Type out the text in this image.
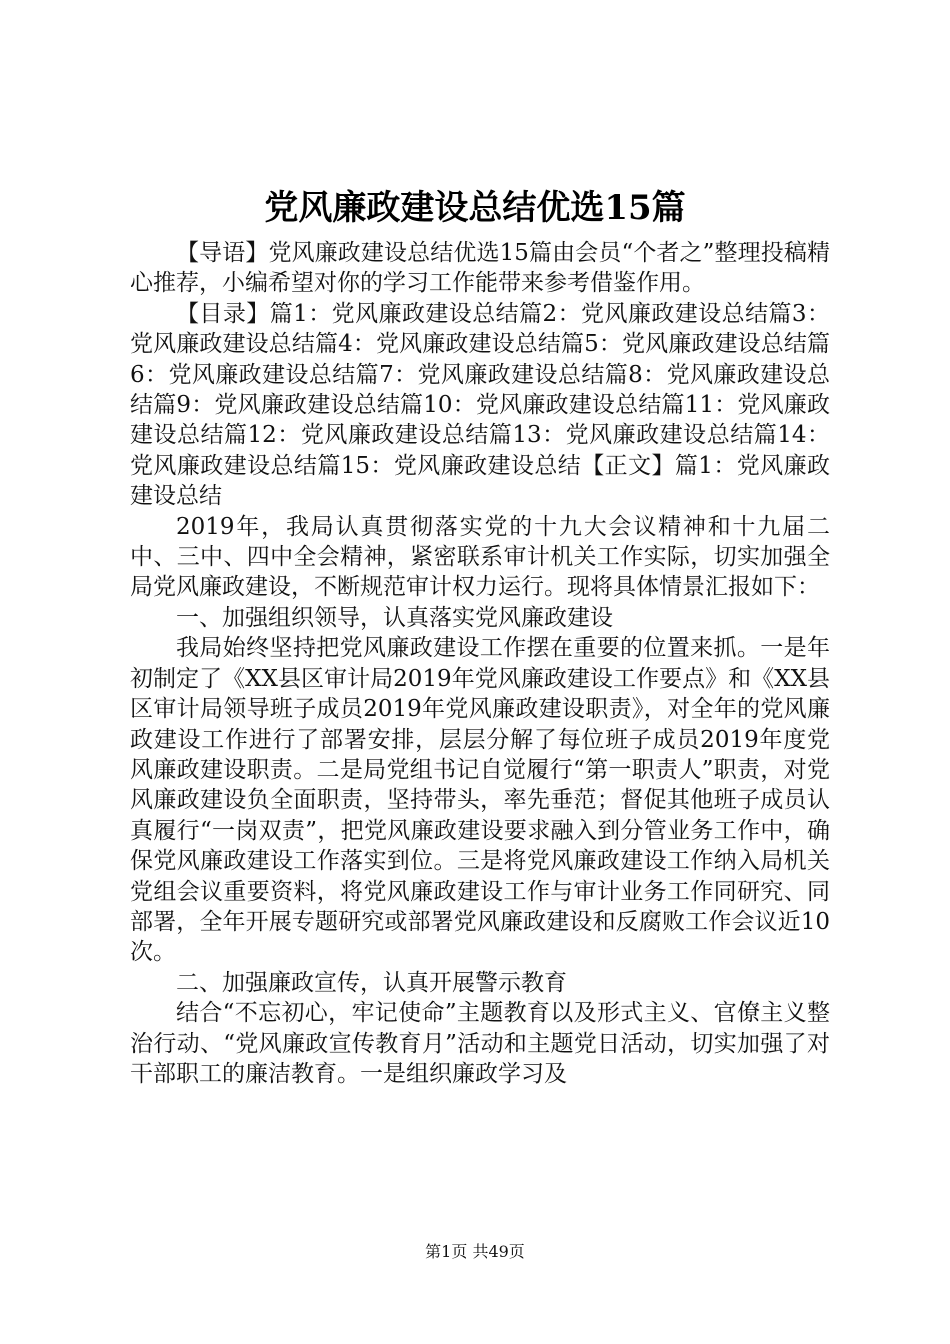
党风廉政建设总结优选15篇

【导语】党风廉政建设总结优选15篇由会员“个者之”整理投稿精心推荐，小编希望对你的学习工作能带来参考借鉴作用。

【目录】篇1：党风廉政建设总结篇2：党风廉政建设总结篇3：党风廉政建设总结篇4：党风廉政建设总结篇5：党风廉政建设总结篇6：党风廉政建设总结篇7：党风廉政建设总结篇8：党风廉政建设总结篇9：党风廉政建设总结篇10：党风廉政建设总结篇11：党风廉政建设总结篇12：党风廉政建设总结篇13：党风廉政建设总结篇14：党风廉政建设总结篇15：党风廉政建设总结【正文】篇1：党风廉政建设总结

2019年，我局认真贯彻落实党的十九大会议精神和十九届二中、三中、四中全会精神，紧密联系审计机关工作实际，切实加强全局党风廉政建设，不断规范审计权力运行。现将具体情景汇报如下：

一、加强组织领导，认真落实党风廉政建设

我局始终坚持把党风廉政建设工作摆在重要的位置来抓。一是年初制定了《XX县区审计局2019年党风廉政建设工作要点》和《XX县区审计局领导班子成员2019年党风廉政建设职责》，对全年的党风廉政建设工作进行了部署安排，层层分解了每位班子成员2019年度党风廉政建设职责。二是局党组书记自觉履行“第一职责人”职责，对党风廉政建设负全面职责，坚持带头，率先垂范；督促其他班子成员认真履行“一岗双责”，把党风廉政建设要求融入到分管业务工作中，确保党风廉政建设工作落实到位。三是将党风廉政建设工作纳入局机关党组会议重要资料，将党风廉政建设工作与审计业务工作同研究、同部署，全年开展专题研究或部署党风廉政建设和反腐败工作会议近10次。

二、加强廉政宣传，认真开展警示教育

结合“不忘初心，牢记使命”主题教育以及形式主义、官僚主义整治行动、“党风廉政宣传教育月”活动和主题党日活动，切实加强了对干部职工的廉洁教育。一是组织廉政学习及

第1页 共49页
